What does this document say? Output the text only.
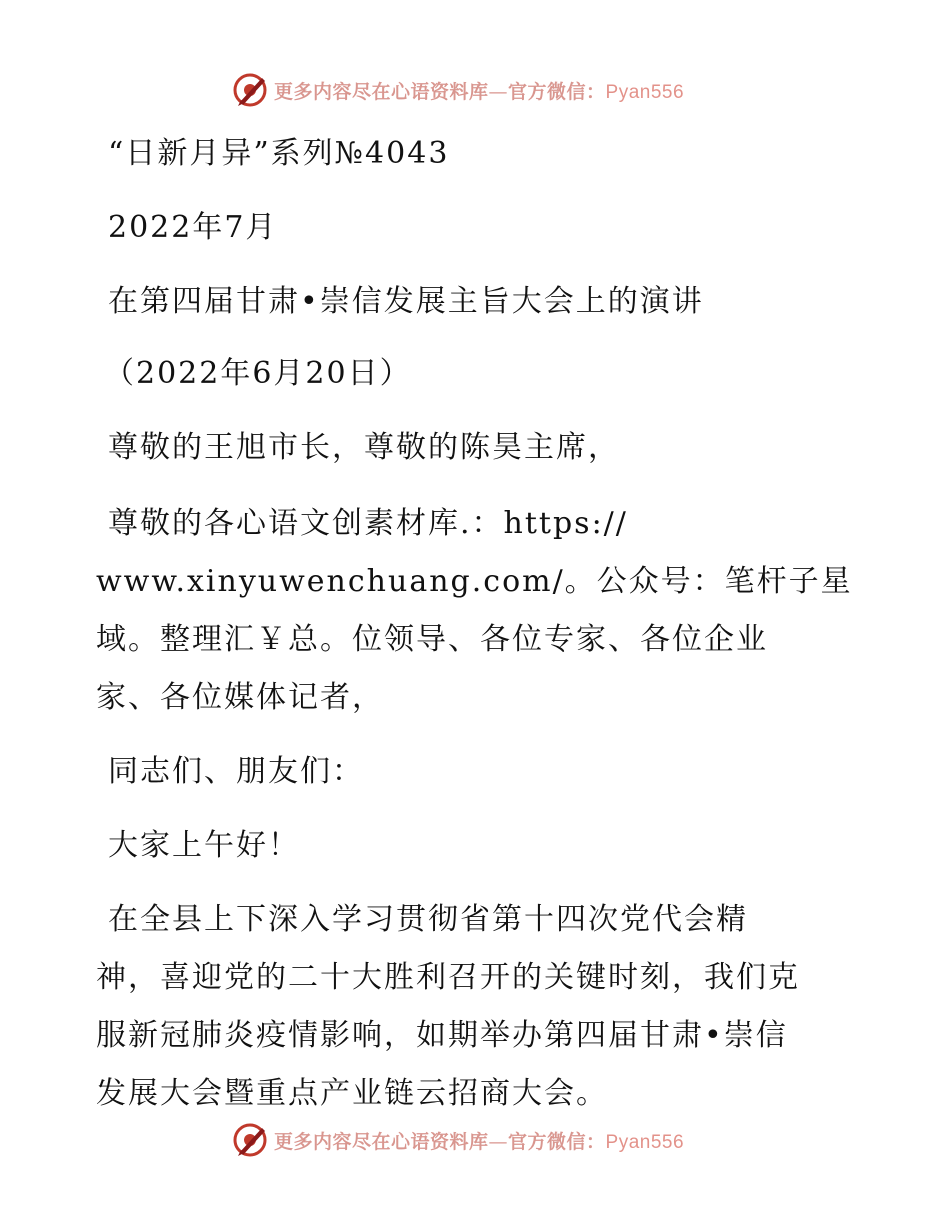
更多内容尽在心语资料库—官方微信：Pyan556
“日新月异”系列№4043
2022年7月
在第四届甘肃•崇信发展主旨大会上的演讲
（2022年6月20日）
尊敬的王旭市长，尊敬的陈昊主席，
尊敬的各心语文创素材库.：https://
www.xinyuwenchuang.com/。公众号：笔杆子星
域。整理汇￥总。位领导、各位专家、各位企业
家、各位媒体记者，
同志们、朋友们：
大家上午好！
在全县上下深入学习贯彻省第十四次党代会精
神，喜迎党的二十大胜利召开的关键时刻，我们克
服新冠肺炎疫情影响，如期举办第四届甘肃•崇信
发展大会暨重点产业链云招商大会。
更多内容尽在心语资料库—官方微信：Pyan556
